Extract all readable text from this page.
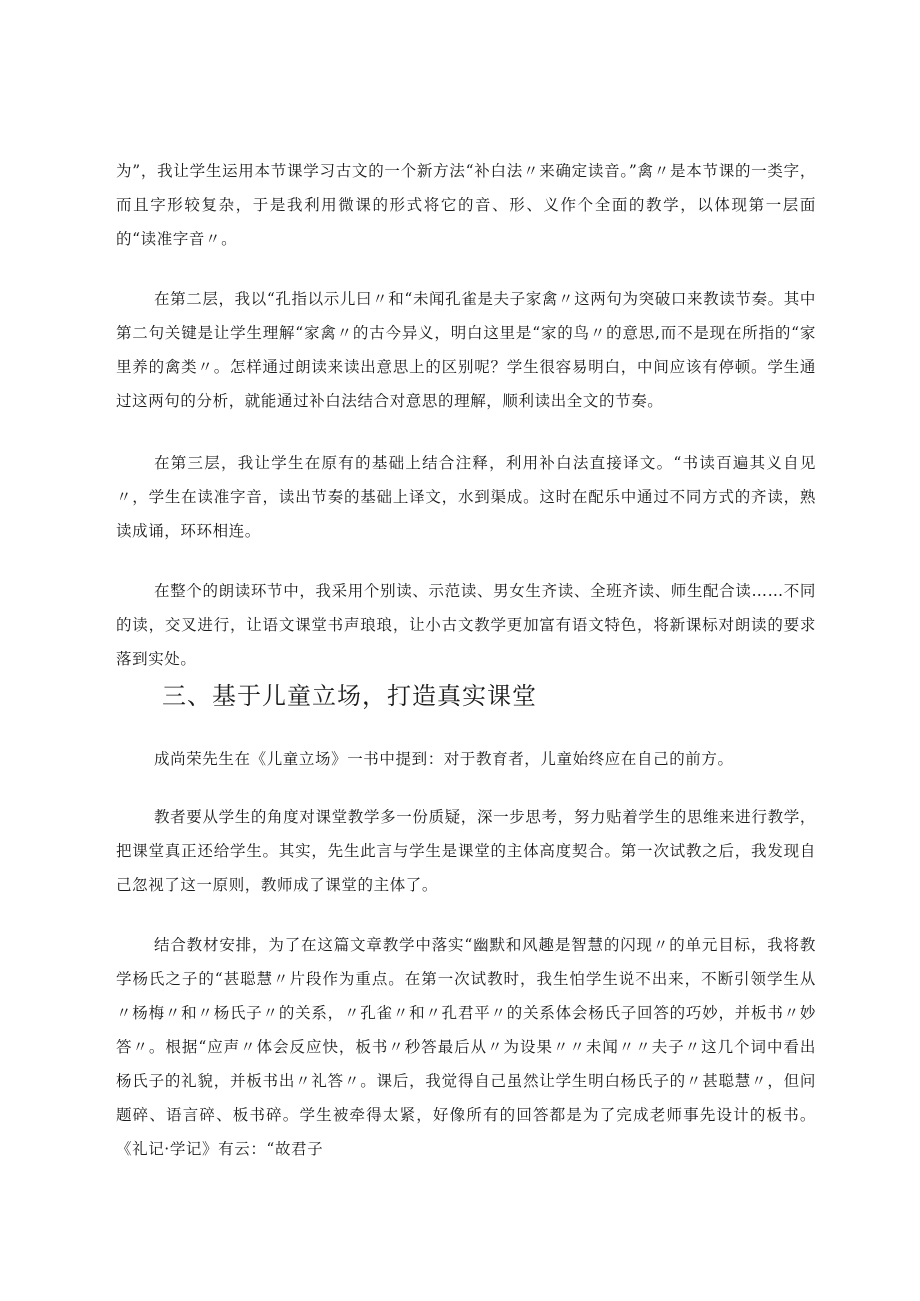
为”，我让学生运用本节课学习古文的一个新方法“补白法〃来确定读音。”禽〃是本节课的一类字，而且字形较复杂，于是我利用微课的形式将它的音、形、义作个全面的教学，以体现第一层面的“读准字音〃。

在第二层，我以“孔指以示儿曰〃和“未闻孔雀是夫子家禽〃这两句为突破口来教读节奏。其中第二句关键是让学生理解“家禽〃的古今异义，明白这里是“家的鸟〃的意思,而不是现在所指的“家里养的禽类〃。怎样通过朗读来读出意思上的区别呢？学生很容易明白，中间应该有停顿。学生通过这两句的分析，就能通过补白法结合对意思的理解，顺利读出全文的节奏。

在第三层，我让学生在原有的基础上结合注释，利用补白法直接译文。“书读百遍其义自见〃，学生在读准字音，读出节奏的基础上译文，水到渠成。这时在配乐中通过不同方式的齐读，熟读成诵，环环相连。

在整个的朗读环节中，我采用个别读、示范读、男女生齐读、全班齐读、师生配合读……不同的读，交叉进行，让语文课堂书声琅琅，让小古文教学更加富有语文特色，将新课标对朗读的要求落到实处。

三、基于儿童立场，打造真实课堂

成尚荣先生在《儿童立场》一书中提到：对于教育者，儿童始终应在自己的前方。

教者要从学生的角度对课堂教学多一份质疑，深一步思考，努力贴着学生的思维来进行教学，把课堂真正还给学生。其实，先生此言与学生是课堂的主体高度契合。第一次试教之后，我发现自己忽视了这一原则，教师成了课堂的主体了。

结合教材安排，为了在这篇文章教学中落实“幽默和风趣是智慧的闪现〃的单元目标，我将教学杨氏之子的“甚聪慧〃片段作为重点。在第一次试教时，我生怕学生说不出来，不断引领学生从〃杨梅〃和〃杨氏子〃的关系，〃孔雀〃和〃孔君平〃的关系体会杨氏子回答的巧妙，并板书〃妙答〃。根据“应声〃体会反应快，板书〃秒答最后从〃为设果〃〃未闻〃〃夫子〃这几个词中看出杨氏子的礼貌，并板书出〃礼答〃。课后，我觉得自己虽然让学生明白杨氏子的〃甚聪慧〃，但问题碎、语言碎、板书碎。学生被牵得太紧，好像所有的回答都是为了完成老师事先设计的板书。《礼记·学记》有云：“故君子
